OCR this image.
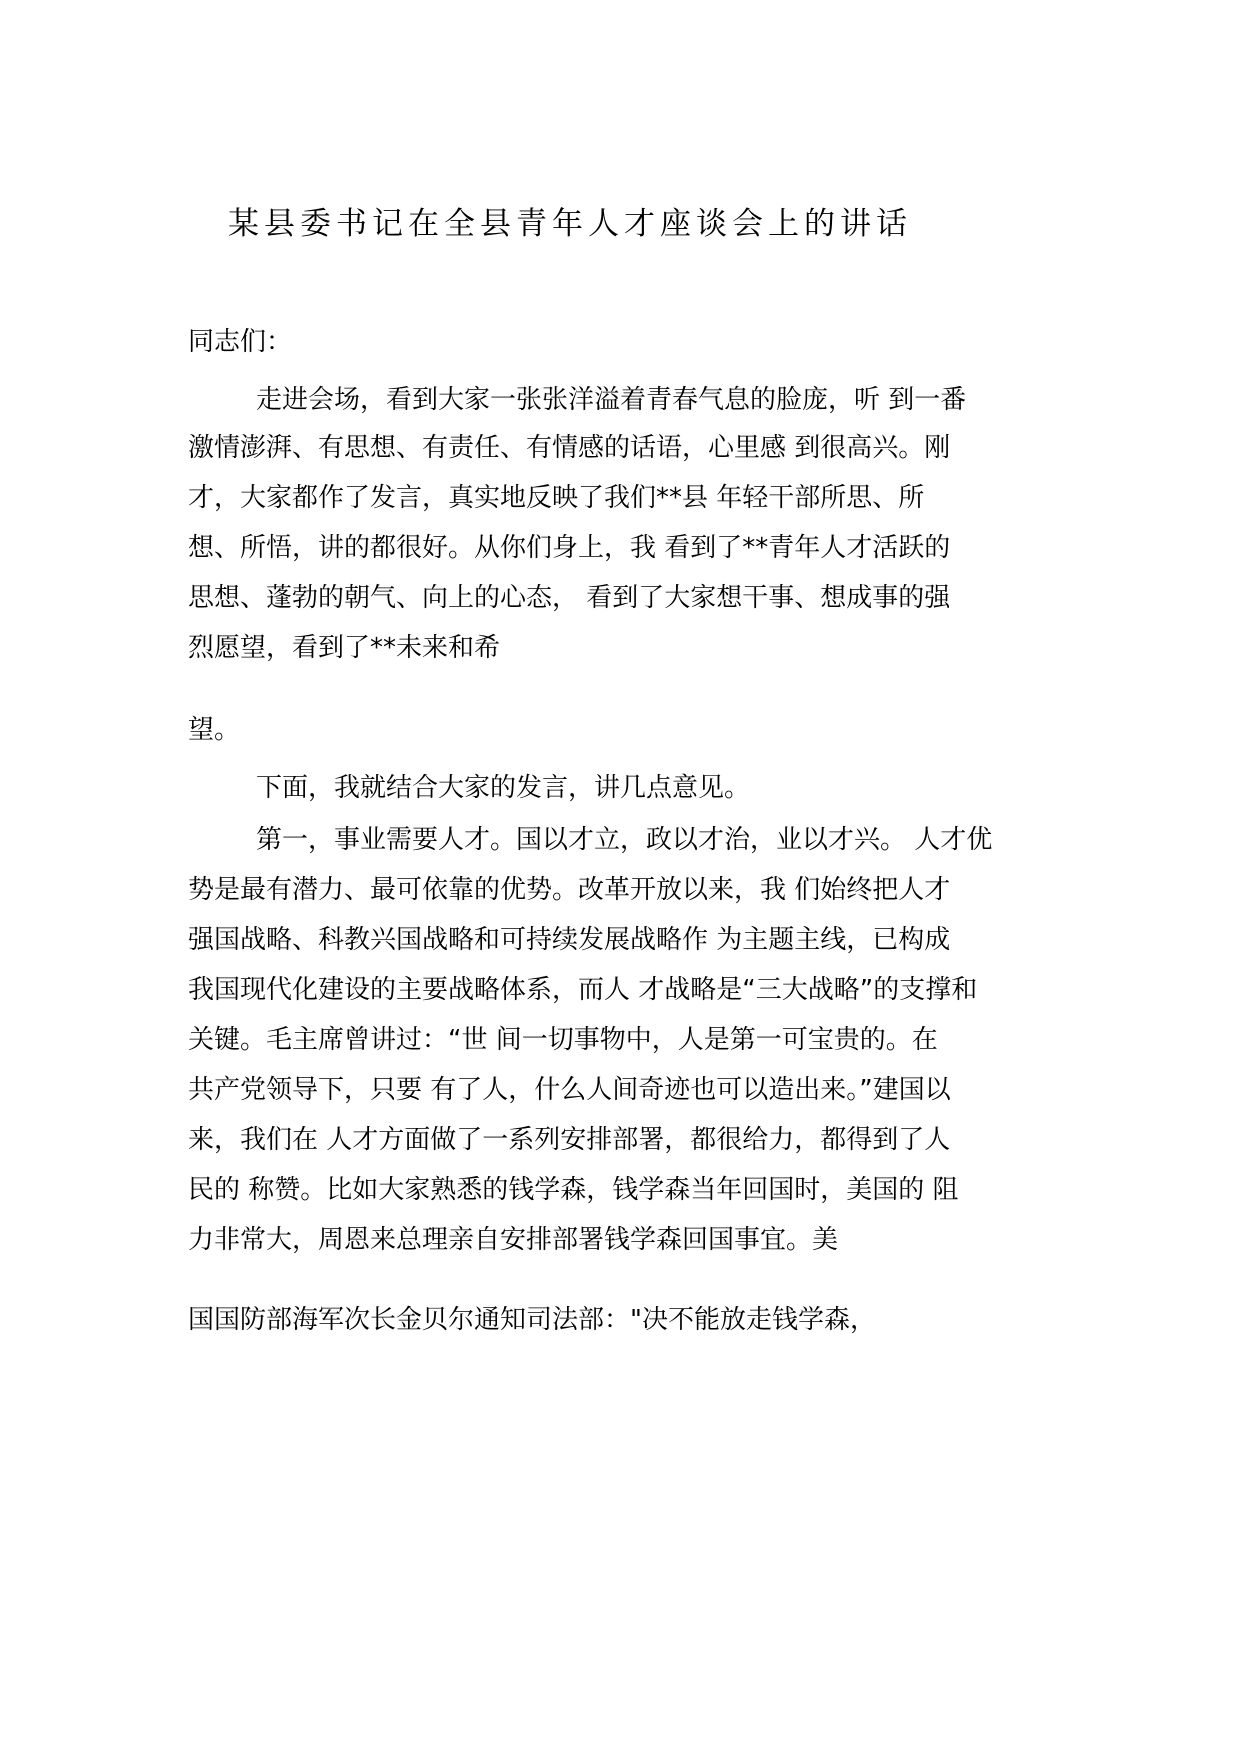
某县委书记在全县青年人才座谈会上的讲话
同志们：
走进会场，看到大家一张张洋溢着青春气息的脸庞，听 到一番
激情澎湃、有思想、有责任、有情感的话语，心里感 到很高兴。刚
才，大家都作了发言，真实地反映了我们**县 年轻干部所思、所
想、所悟，讲的都很好。从你们身上，我 看到了**青年人才活跃的
思想、蓬勃的朝气、向上的心态， 看到了大家想干事、想成事的强
烈愿望，看到了**未来和希
望。
下面，我就结合大家的发言，讲几点意见。
第一，事业需要人才。国以才立，政以才治，业以才兴。 人才优
势是最有潜力、最可依靠的优势。改革开放以来，我 们始终把人才
强国战略、科教兴国战略和可持续发展战略作 为主题主线，已构成
我国现代化建设的主要战略体系，而人 才战略是“三大战略”的支撑和
关键。毛主席曾讲过：“世 间一切事物中，人是第一可宝贵的。在
共产党领导下，只要 有了人，什么人间奇迹也可以造出来。”建国以
来，我们在 人才方面做了一系列安排部署，都很给力，都得到了人
民的 称赞。比如大家熟悉的钱学森，钱学森当年回国时，美国的 阻
力非常大，周恩来总理亲自安排部署钱学森回国事宜。美
国国防部海军次长金贝尔通知司法部："决不能放走钱学森，
